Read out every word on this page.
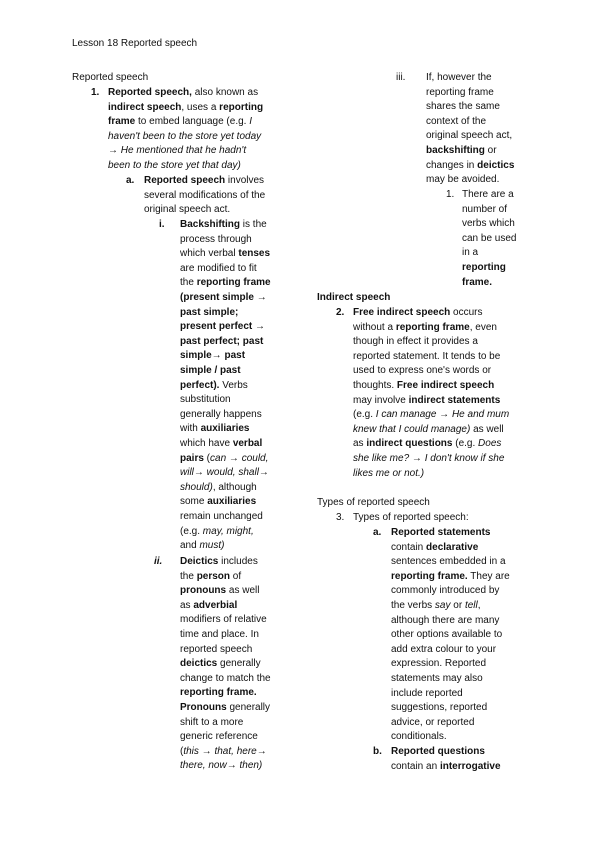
Lesson 18 Reported speech
Reported speech
1. Reported speech, also known as
indirect speech, uses a reporting
frame to embed language (e.g. I
haven't been to the store yet today
→ He mentioned that he hadn't
been to the store yet that day)
a. Reported speech involves
several modifications of the
original speech act.
i. Backshifting is the
process through
which verbal tenses
are modified to fit
the reporting frame
(present simple →
past simple;
present perfect →
past perfect; past
simple→ past
simple / past
perfect). Verbs
substitution
generally happens
with auxiliaries
which have verbal
pairs (can → could,
will→ would, shall→
should), although
some auxiliaries
remain unchanged
(e.g. may, might,
and must)
ii. Deictics includes
the person of
pronouns as well
as adverbial
modifiers of relative
time and place. In
reported speech
deictics generally
change to match the
reporting frame.
Pronouns generally
shift to a more
generic reference
(this → that, here→
there, now→ then)
iii. If, however the
reporting frame
shares the same
context of the
original speech act,
backshifting or
changes in deictics
may be avoided.
1. There are a
number of
verbs which
can be used
in a
reporting
frame.
Indirect speech
2. Free indirect speech occurs
without a reporting frame, even
though in effect it provides a
reported statement. It tends to be
used to express one's words or
thoughts. Free indirect speech
may involve indirect statements
(e.g. I can manage → He and mum
knew that I could manage) as well
as indirect questions (e.g. Does
she like me? → I don't know if she
likes me or not.)
Types of reported speech
3. Types of reported speech:
a. Reported statements
contain declarative
sentences embedded in a
reporting frame. They are
commonly introduced by
the verbs say or tell,
although there are many
other options available to
add extra colour to your
expression. Reported
statements may also
include reported
suggestions, reported
advice, or reported
conditionals.
b. Reported questions
contain an interrogative
